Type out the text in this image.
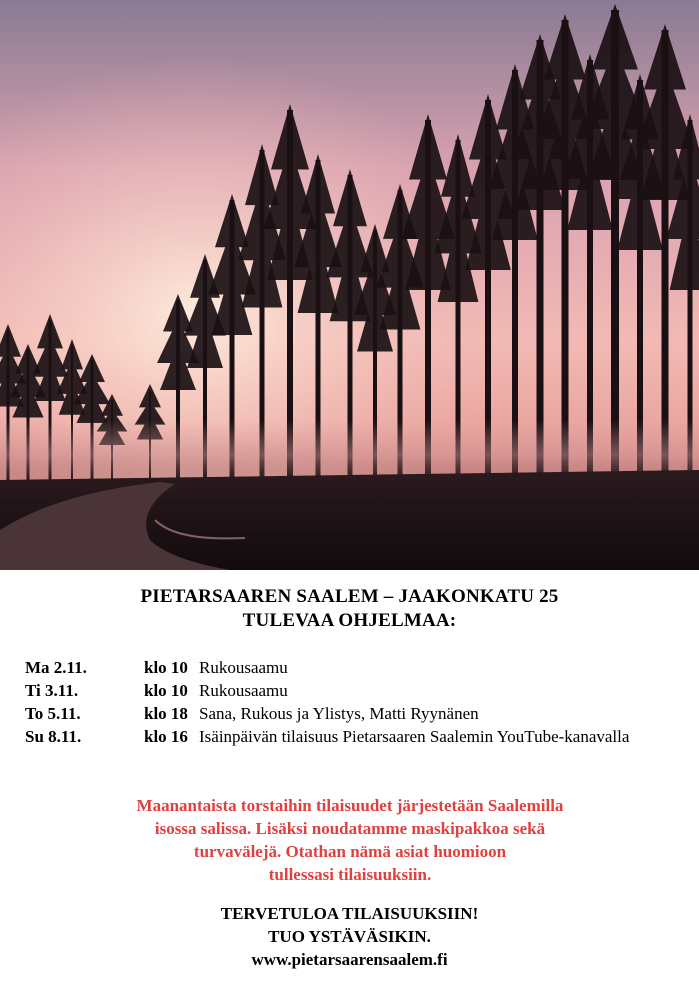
PIETARSAAREN SAALEM – JAAKONKATU 25
TULEVAA OHJELMAA:
Ma 2.11.	klo 10 Rukousaamu
Ti 3.11.	klo 10 Rukousaamu
To 5.11.	klo 18 Sana, Rukous ja Ylistys, Matti Ryynänen
Su 8.11.	klo 16 Isäinpäivän tilaisuus Pietarsaaren Saalemin YouTube-kanavalla
Maanantaista torstaihin tilaisuudet järjestetään Saalemilla
isossa salissa. Lisäksi noudatamme maskipakkoa sekä
turvavälejä. Otathan nämä asiat huomioon
tullessasi tilaisuuksiin.
TERVETULOA TILAISUUKSIIN!
TUO YSTÄVÄSIKIN.
www.pietarsaarensaalem.fi
